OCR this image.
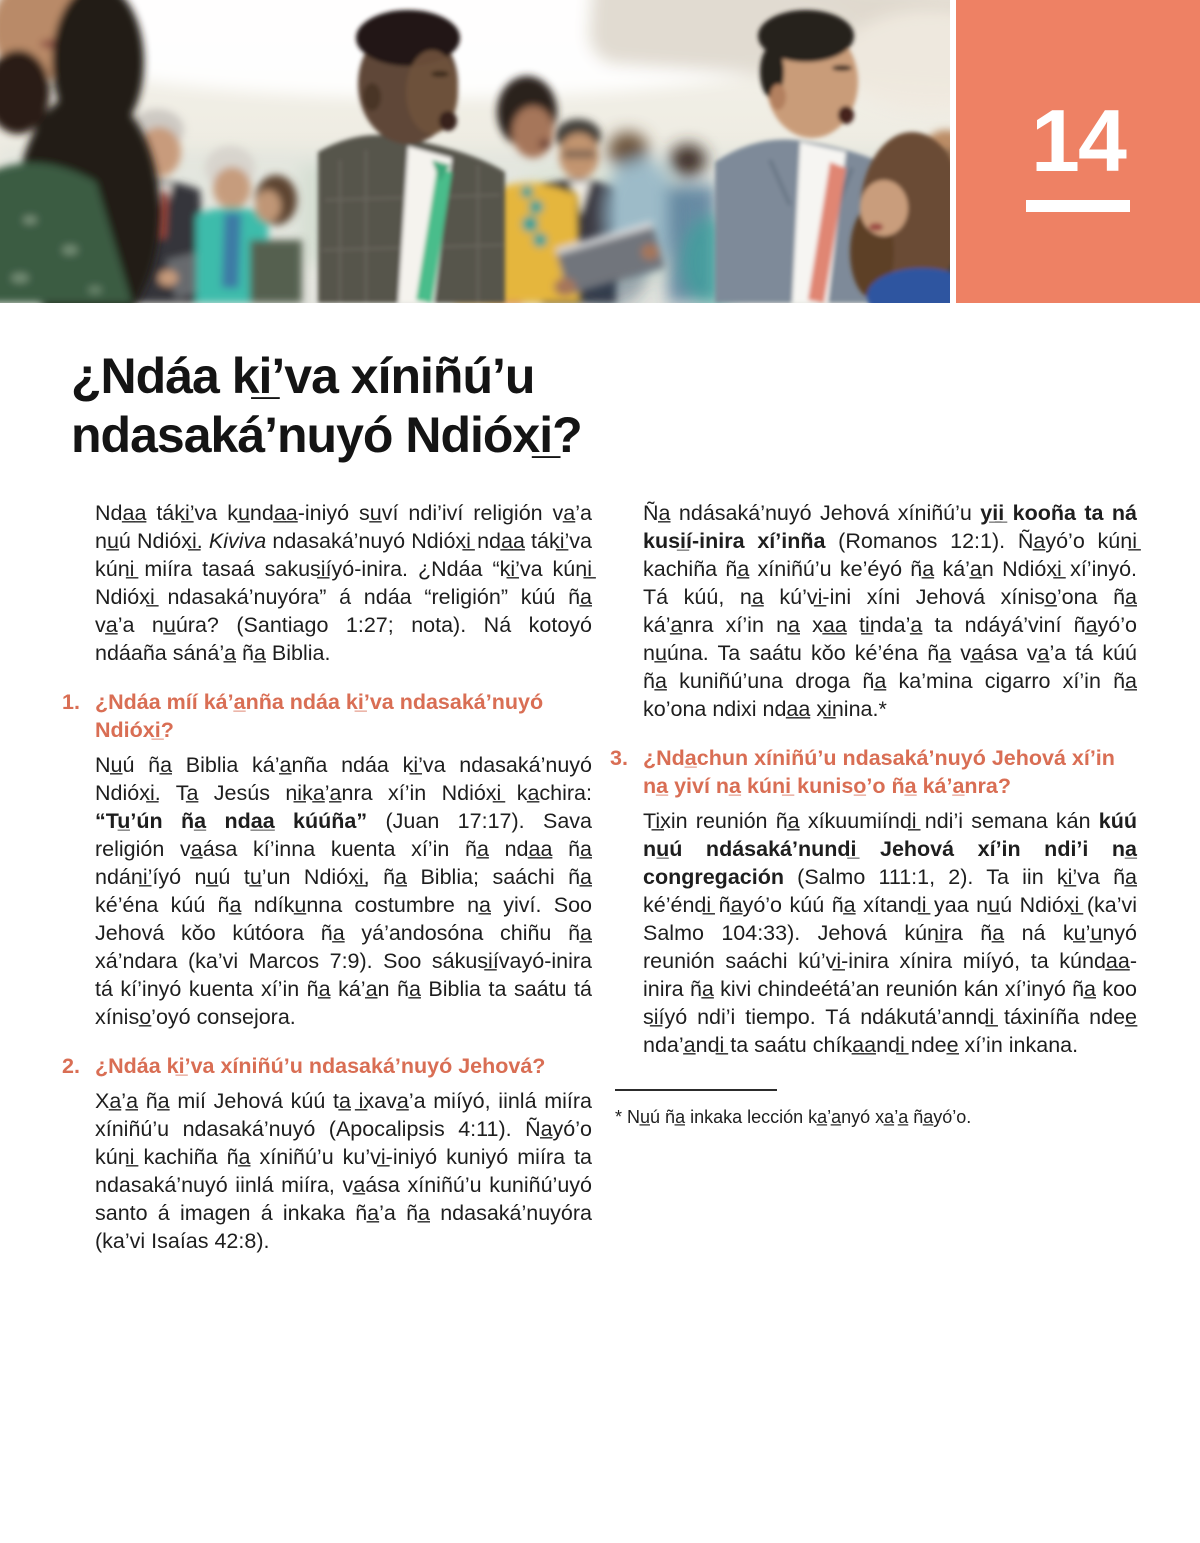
14
¿Ndáa ki̲’va xíniñú’u
ndasaká’nuyó Ndióxi̲?

Nda̲a̲ táki̲’va ku̲nda̲a̲-iniyó su̲ví ndi’iví religión va̲’a nu̲ú Ndióxi̲. Kiviva ndasaká’nuyó Ndióxi̲ nda̲a̲ táki̲’va kúni̲ miíra tasaá sakusi̲íyó-inira. ¿Ndáa “ki̲’va kúni̲ Ndióxi̲ ndasaká’nuyóra” á ndáa “religión” kúú ña̲ va̲’a nu̲úra? (Santiago 1:27; nota). Ná kotoyó ndáaña sáná’a̲ ña̲ Biblia.

1. ¿Ndáa míí ká’a̲nña ndáa ki̲’va ndasaká’nuyó Ndióxi̲?

Nu̲ú ña̲ Biblia ká’a̲nña ndáa ki̲’va ndasaká’nuyó Ndióxi̲. Ta̲ Jesús ni̲ka̲’a̲nra xí’in Ndióxi̲ ka̲chira: “Tu̲’ún ña̲ nda̲a̲ kúúña” (Juan 17:17). Sava religión va̲ása kí’inna kuenta xí’in ña̲ nda̲a̲ ña̲ ndáni̲’íyó nu̲ú tu̲’un Ndióxi̲, ña̲ Biblia; saáchi ña̲ ké’éna kúú ña̲ ndíku̲nna costumbre na̲ yiví. Soo Jehová kǒo kútóora ña̲ yá’andosóna chiñu ña̲ xá’ndara (ka’vi Marcos 7:9). Soo sákusi̲ívayó-inira tá kí’inyó kuenta xí’in ña̲ ká’a̲n ña̲ Biblia ta saátu tá xíniso̲’oyó consejora.

2. ¿Ndáa ki̲’va xíniñú’u ndasaká’nuyó Jehová?

Xa̲’a̲ ña̲ mií Jehová kúú ta̲ i̲xava̲’a miíyó, iinlá miíra xíniñú’u ndasaká’nuyó (Apocalipsis 4:11). Ña̲yó’o kúni̲ kachiña ña̲ xíniñú’u ku’vi̲-iniyó kuniyó miíra ta ndasaká’nuyó iinlá miíra, va̲ása xíniñú’u kuniñú’uyó santo á imagen á inkaka ña̲’a ña̲ ndasaká’nuyóra (ka’vi Isaías 42:8).

Ña̲ ndásaká’nuyó Jehová xíniñú’u yi̲i̲ kooña ta ná kusi̲í-inira xí’inña (Romanos 12:1). Ña̲yó’o kúni̲ kachiña ña̲ xíniñú’u ke’éyó ña̲ ká’a̲n Ndióxi̲ xí’inyó. Tá kúú, na̲ kú’vi̲-ini xíni Jehová xíniso̲’ona ña̲ ká’a̲nra xí’in na̲ xa̲a̲ ti̲nda’a̲ ta ndáyá’viní ña̲yó’o nu̲úna. Ta saátu kǒo ké’éna ña̲ va̲ása va̲’a tá kúú ña̲ kuniñú’una droga ña̲ ka’mina cigarro xí’in ña̲ ko’ona ndixi nda̲a̲ xi̲nina.*

3. ¿Nda̲chun xíniñú’u ndasaká’nuyó Jehová xí’in na̲ yiví na̲ kúni̲ kuniso̲’o ña̲ ká’a̲nra?

Ti̲xin reunión ña̲ xíkuumiíndi̲ ndi’i semana kán kúú nu̲ú ndásaká’nundi̲ Jehová xí’in ndi’i na̲ congregación (Salmo 111:1, 2). Ta iin ki̲’va ña̲ ké’éndi̲ ña̲yó’o kúú ña̲ xítandi̲ yaa nu̲ú Ndióxi̲ (ka’vi Salmo 104:33). Jehová kúni̲ra ña̲ ná ku̲’u̲nyó reunión saáchi kú’vi̲-inira xínira miíyó, ta kúnda̲a̲-inira ña̲ kivi chindeétá’an reunión kán xí’inyó ña̲ koo si̲íyó ndi’i tiempo. Tá ndákutá’anndi̲ táxiníña ndee̲ nda’a̲ndi̲ ta saátu chíka̲a̲ndi̲ ndee̲ xí’in inkana.

* Nu̲ú ña̲ inkaka lección ka̲’a̲nyó xa̲’a̲ ña̲yó’o.
